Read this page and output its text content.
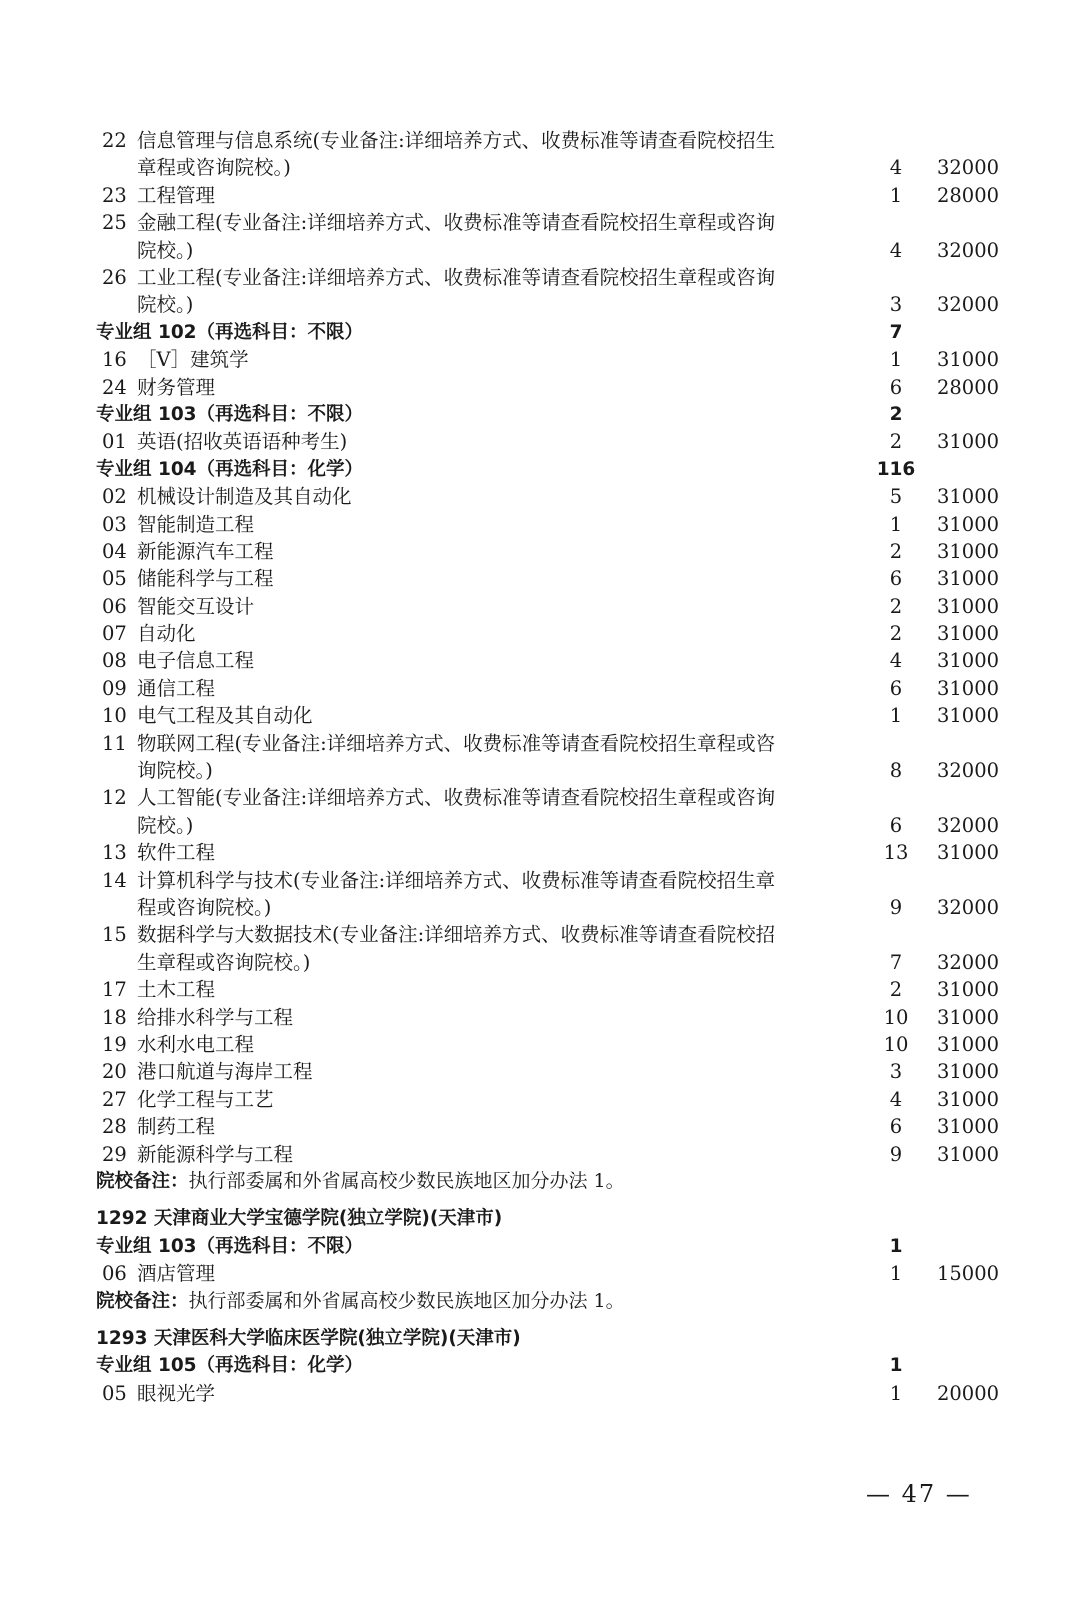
22 信息管理与信息系统(专业备注:详细培养方式、收费标准等请查看院校招生章程或咨询院校。)	4	32000
23 工程管理	1	28000
25 金融工程(专业备注:详细培养方式、收费标准等请查看院校招生章程或咨询院校。)	4	32000
26 工业工程(专业备注:详细培养方式、收费标准等请查看院校招生章程或咨询院校。)	3	32000
专业组 102（再选科目：不限）	7
16 ［V］建筑学	1	31000
24 财务管理	6	28000
专业组 103（再选科目：不限）	2
01 英语(招收英语语种考生)	2	31000
专业组 104（再选科目：化学）	116
02 机械设计制造及其自动化	5	31000
03 智能制造工程	1	31000
04 新能源汽车工程	2	31000
05 储能科学与工程	6	31000
06 智能交互设计	2	31000
07 自动化	2	31000
08 电子信息工程	4	31000
09 通信工程	6	31000
10 电气工程及其自动化	1	31000
11 物联网工程(专业备注:详细培养方式、收费标准等请查看院校招生章程或咨询院校。)	8	32000
12 人工智能(专业备注:详细培养方式、收费标准等请查看院校招生章程或咨询院校。)	6	32000
13 软件工程	13	31000
14 计算机科学与技术(专业备注:详细培养方式、收费标准等请查看院校招生章程或咨询院校。)	9	32000
15 数据科学与大数据技术(专业备注:详细培养方式、收费标准等请查看院校招生章程或咨询院校。)	7	32000
17 土木工程	2	31000
18 给排水科学与工程	10	31000
19 水利水电工程	10	31000
20 港口航道与海岸工程	3	31000
27 化学工程与工艺	4	31000
28 制药工程	6	31000
29 新能源科学与工程	9	31000
院校备注：执行部委属和外省属高校少数民族地区加分办法 1。
1292 天津商业大学宝德学院(独立学院)(天津市)
专业组 103（再选科目：不限）	1
06 酒店管理	1	15000
院校备注：执行部委属和外省属高校少数民族地区加分办法 1。
1293 天津医科大学临床医学院(独立学院)(天津市)
专业组 105（再选科目：化学）	1
05 眼视光学	1	20000
— 47 —
